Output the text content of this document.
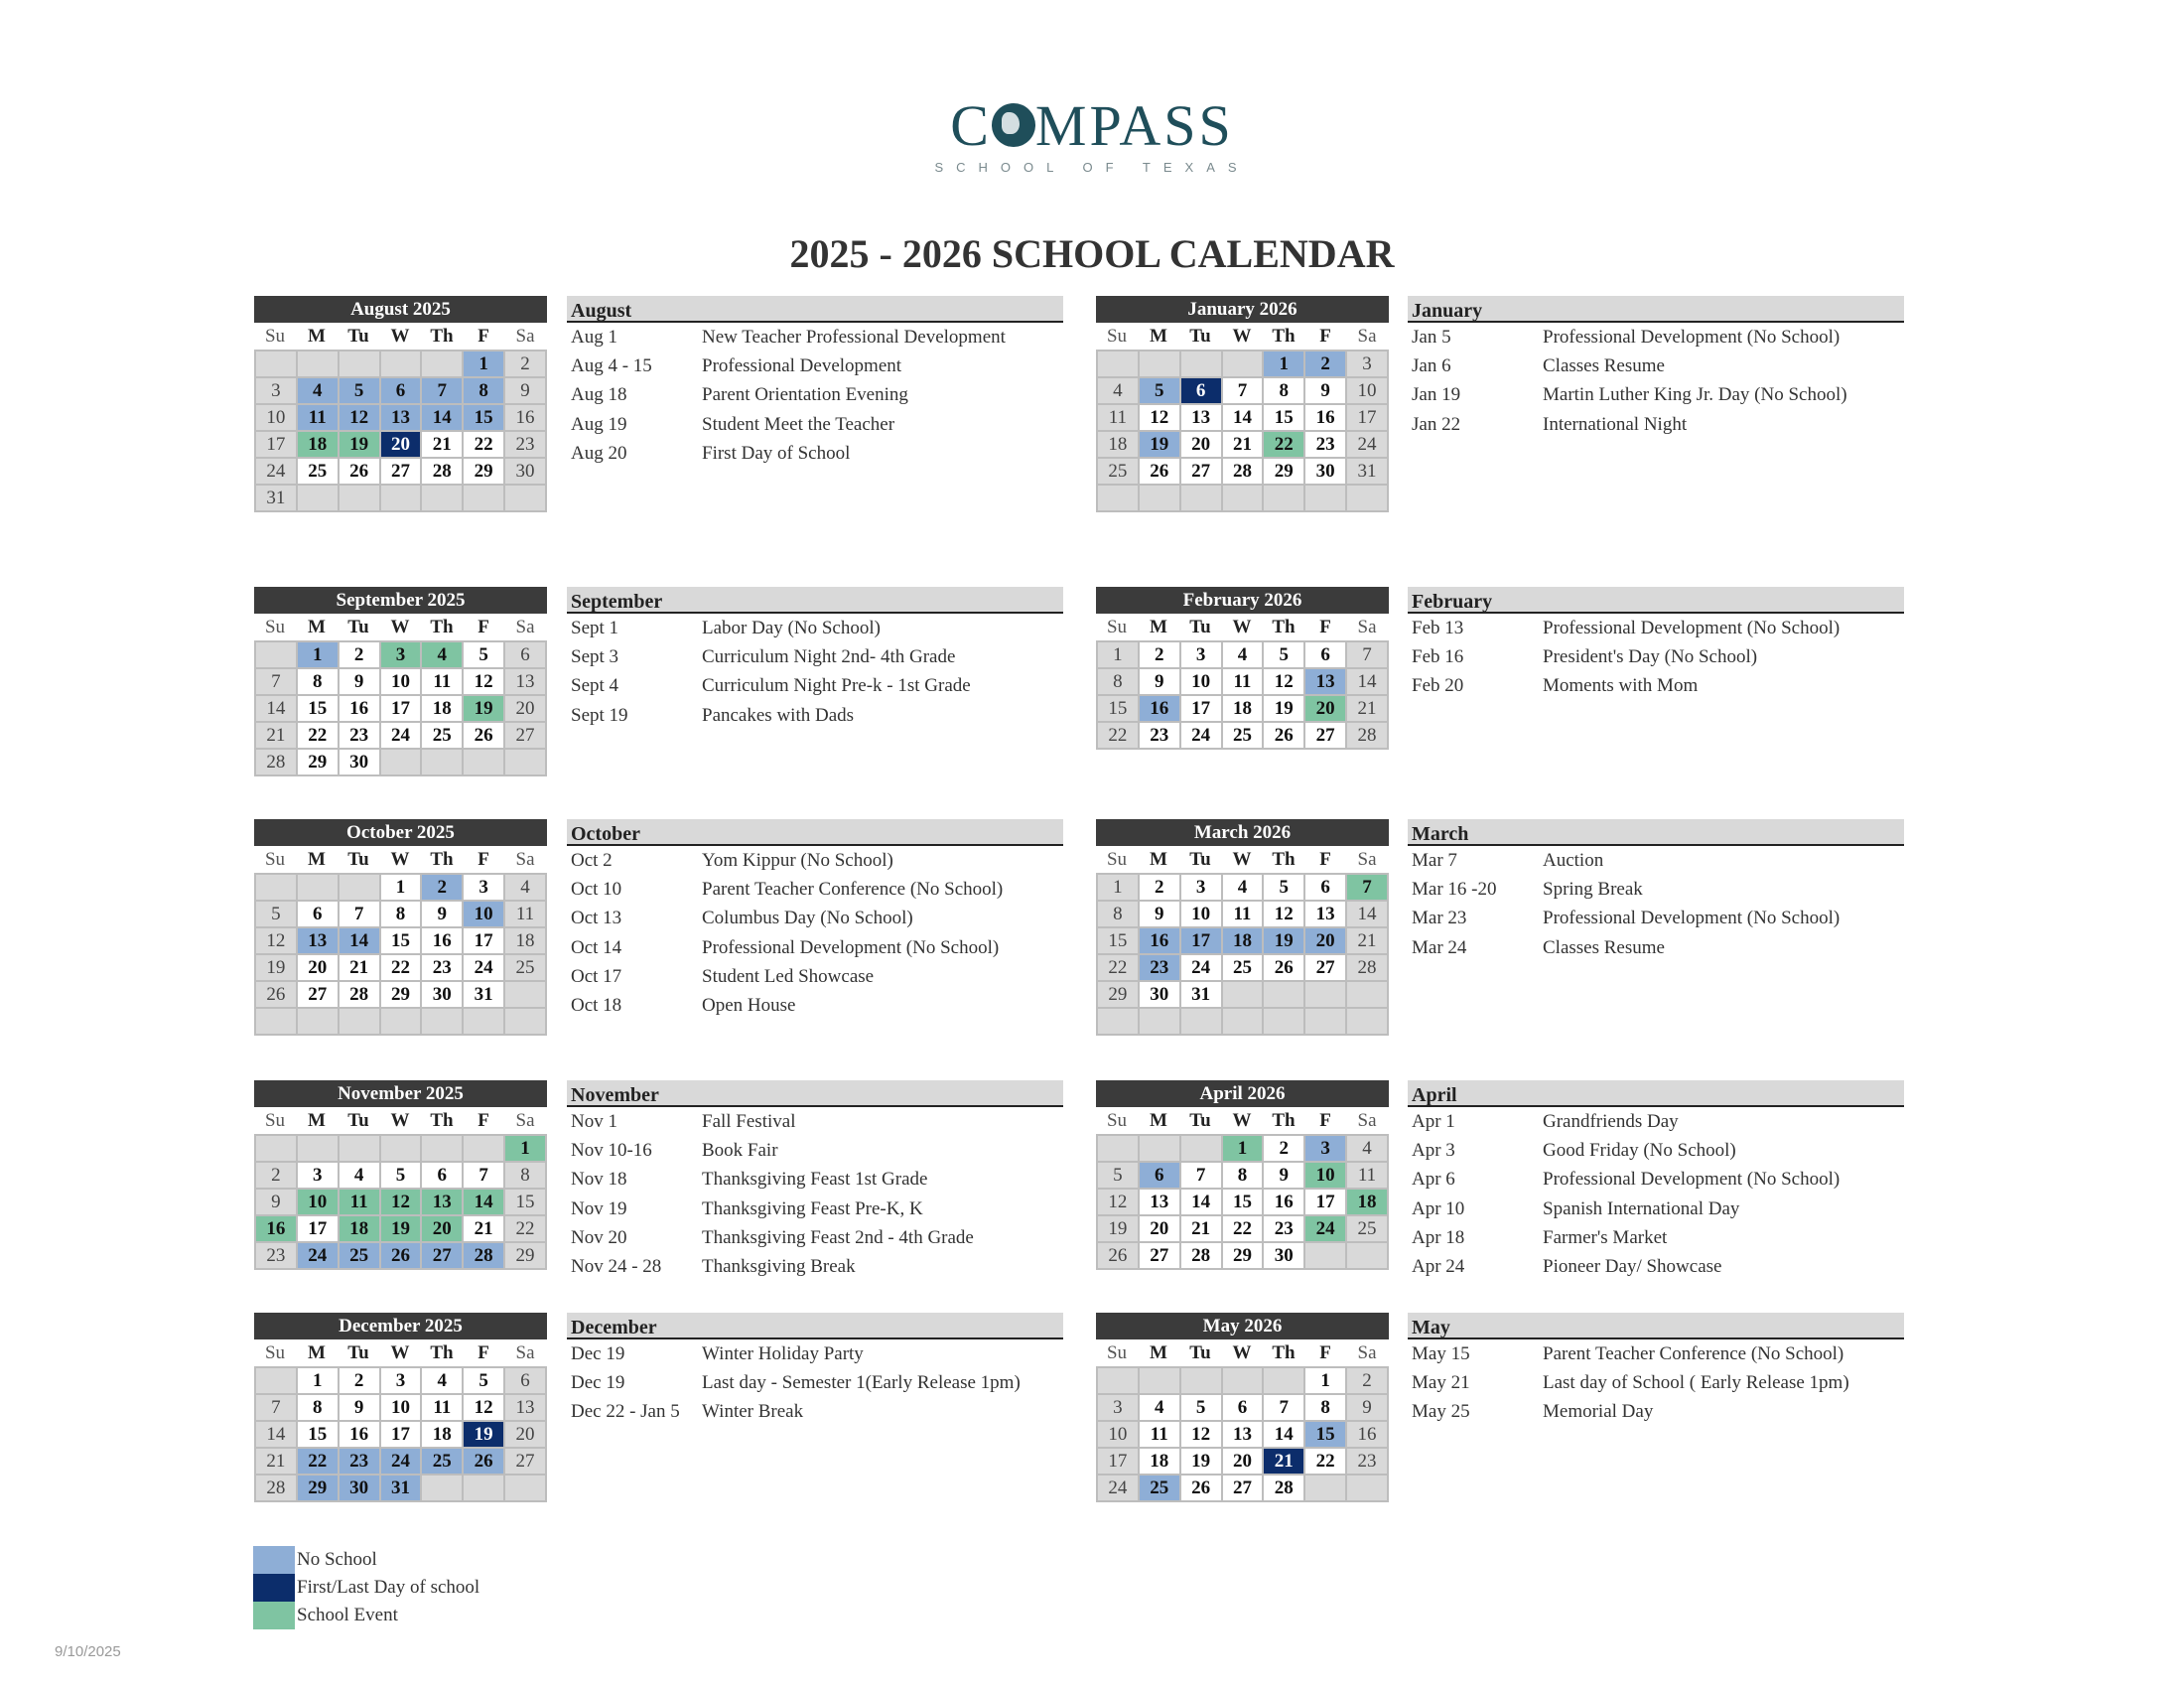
C MPASS
SCHOOL OF TEXAS
2025 - 2026 SCHOOL CALENDAR
August 2025
Su	M	Tu	W	Th	F	Sa
					1	2
3	4	5	6	7	8	9
10	11	12	13	14	15	16
17	18	19	20	21	22	23
24	25	26	27	28	29	30
31						
August
Aug 1	New Teacher Professional Development
Aug 4 - 15	Professional Development
Aug 18	Parent Orientation Evening
Aug 19	Student Meet the Teacher
Aug 20	First Day of School
January 2026
Su	M	Tu	W	Th	F	Sa
				1	2	3
4	5	6	7	8	9	10
11	12	13	14	15	16	17
18	19	20	21	22	23	24
25	26	27	28	29	30	31

January
Jan 5	Professional Development (No School)
Jan 6	Classes Resume
Jan 19	Martin Luther King Jr. Day (No School)
Jan 22	International Night
September 2025
Su	M	Tu	W	Th	F	Sa
	1	2	3	4	5	6
7	8	9	10	11	12	13
14	15	16	17	18	19	20
21	22	23	24	25	26	27
28	29	30				
September
Sept 1	Labor Day (No School)
Sept 3	Curriculum Night 2nd- 4th Grade
Sept 4	Curriculum Night Pre-k - 1st Grade
Sept 19	Pancakes with Dads
February 2026
Su	M	Tu	W	Th	F	Sa
1	2	3	4	5	6	7
8	9	10	11	12	13	14
15	16	17	18	19	20	21
22	23	24	25	26	27	28
February
Feb 13	Professional Development (No School)
Feb 16	President's Day (No School)
Feb 20	Moments with Mom
October 2025
Su	M	Tu	W	Th	F	Sa
			1	2	3	4
5	6	7	8	9	10	11
12	13	14	15	16	17	18
19	20	21	22	23	24	25
26	27	28	29	30	31	

October
Oct 2	Yom Kippur (No School)
Oct 10	Parent Teacher Conference (No School)
Oct 13	Columbus Day (No School)
Oct 14	Professional Development (No School)
Oct 17	Student Led Showcase
Oct 18	Open House
March 2026
Su	M	Tu	W	Th	F	Sa
1	2	3	4	5	6	7
8	9	10	11	12	13	14
15	16	17	18	19	20	21
22	23	24	25	26	27	28
29	30	31				

March
Mar 7	Auction
Mar 16 -20	Spring Break
Mar 23	Professional Development (No School)
Mar 24	Classes Resume
November 2025
Su	M	Tu	W	Th	F	Sa
						1
2	3	4	5	6	7	8
9	10	11	12	13	14	15
16	17	18	19	20	21	22
23	24	25	26	27	28	29
November
Nov 1	Fall Festival
Nov 10-16	Book Fair
Nov 18	Thanksgiving Feast 1st Grade
Nov 19	Thanksgiving Feast Pre-K, K
Nov 20	Thanksgiving Feast 2nd - 4th Grade
Nov 24 - 28	Thanksgiving Break
April 2026
Su	M	Tu	W	Th	F	Sa
			1	2	3	4
5	6	7	8	9	10	11
12	13	14	15	16	17	18
19	20	21	22	23	24	25
26	27	28	29	30		
April
Apr 1	Grandfriends Day
Apr 3	Good Friday (No School)
Apr 6	Professional Development (No School)
Apr 10	Spanish International Day
Apr 18	Farmer's Market
Apr 24	Pioneer Day/ Showcase
December 2025
Su	M	Tu	W	Th	F	Sa
	1	2	3	4	5	6
7	8	9	10	11	12	13
14	15	16	17	18	19	20
21	22	23	24	25	26	27
28	29	30	31			
December
Dec 19	Winter Holiday Party
Dec 19	Last day - Semester 1(Early Release 1pm)
Dec 22 - Jan 5	Winter Break
May 2026
Su	M	Tu	W	Th	F	Sa
					1	2
3	4	5	6	7	8	9
10	11	12	13	14	15	16
17	18	19	20	21	22	23
24	25	26	27	28		
May
May 15	Parent Teacher Conference (No School)
May 21	Last day of School ( Early Release 1pm)
May 25	Memorial Day
No School
First/Last Day of school
School Event
9/10/2025
